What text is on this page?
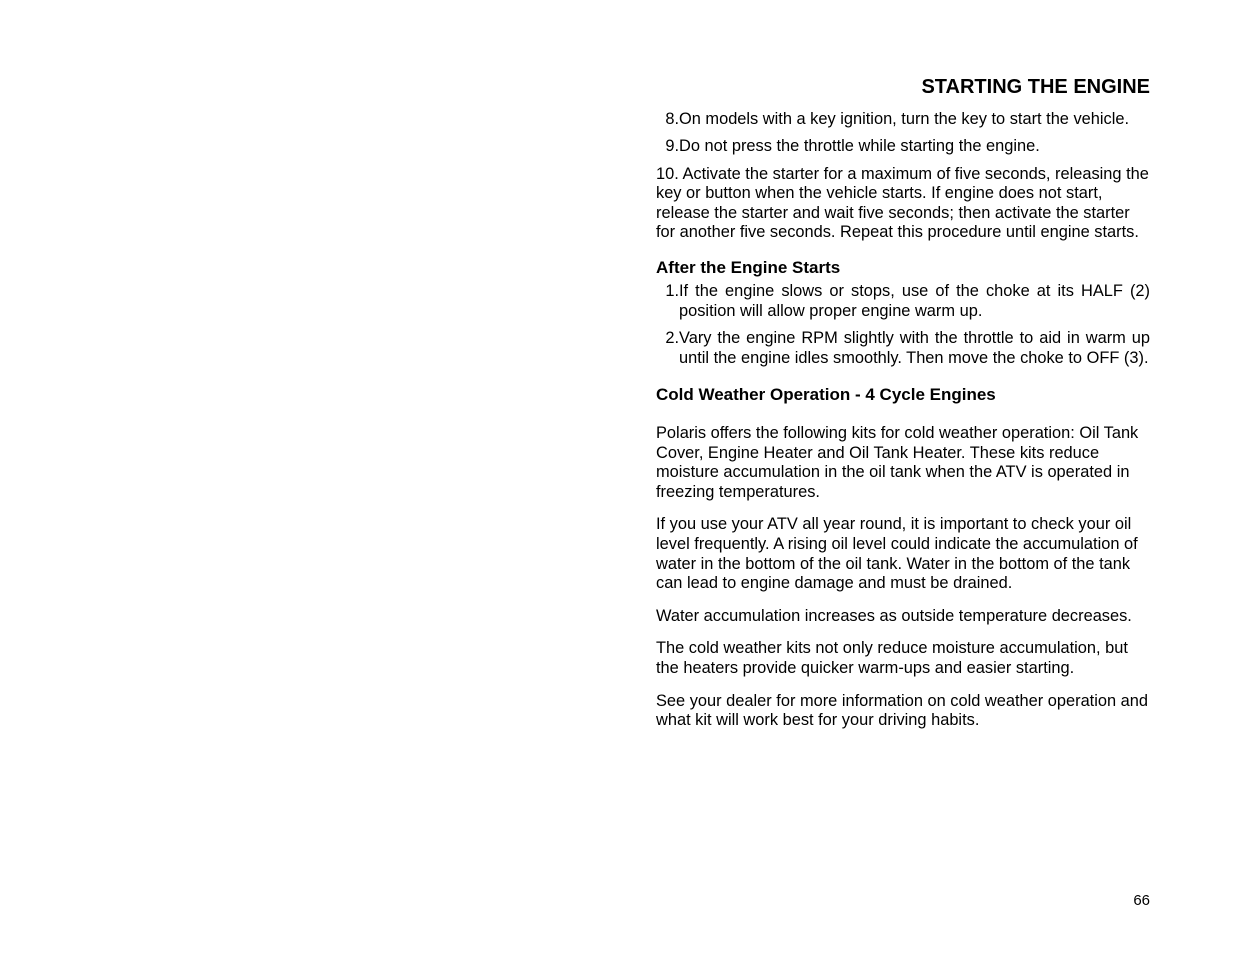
STARTING THE ENGINE
8. On models with a key ignition, turn the key to start the vehicle.
9. Do not press the throttle while starting the engine.
10. Activate the starter for a maximum of five seconds, releasing the key or button when the vehicle starts. If engine does not start, release the starter and wait five seconds; then activate the starter for another five seconds. Repeat this procedure until engine starts.
After the Engine Starts
1. If the engine slows or stops, use of the choke at its HALF (2) position will allow proper engine warm up.
2. Vary the engine RPM slightly with the throttle to aid in warm up until the engine idles smoothly. Then move the choke to OFF (3).
Cold Weather Operation - 4 Cycle Engines

Polaris offers the following kits for cold weather operation: Oil Tank Cover, Engine Heater and Oil Tank Heater. These kits reduce moisture accumulation in the oil tank when the ATV is operated in freezing temperatures.

If you use your ATV all year round, it is important to check your oil level frequently. A rising oil level could indicate the accumulation of water in the bottom of the oil tank. Water in the bottom of the tank can lead to engine damage and must be drained.

Water accumulation increases as outside temperature decreases.

The cold weather kits not only reduce moisture accumulation, but the heaters provide quicker warm-ups and easier starting.

See your dealer for more information on cold weather operation and what kit will work best for your driving habits.

66
